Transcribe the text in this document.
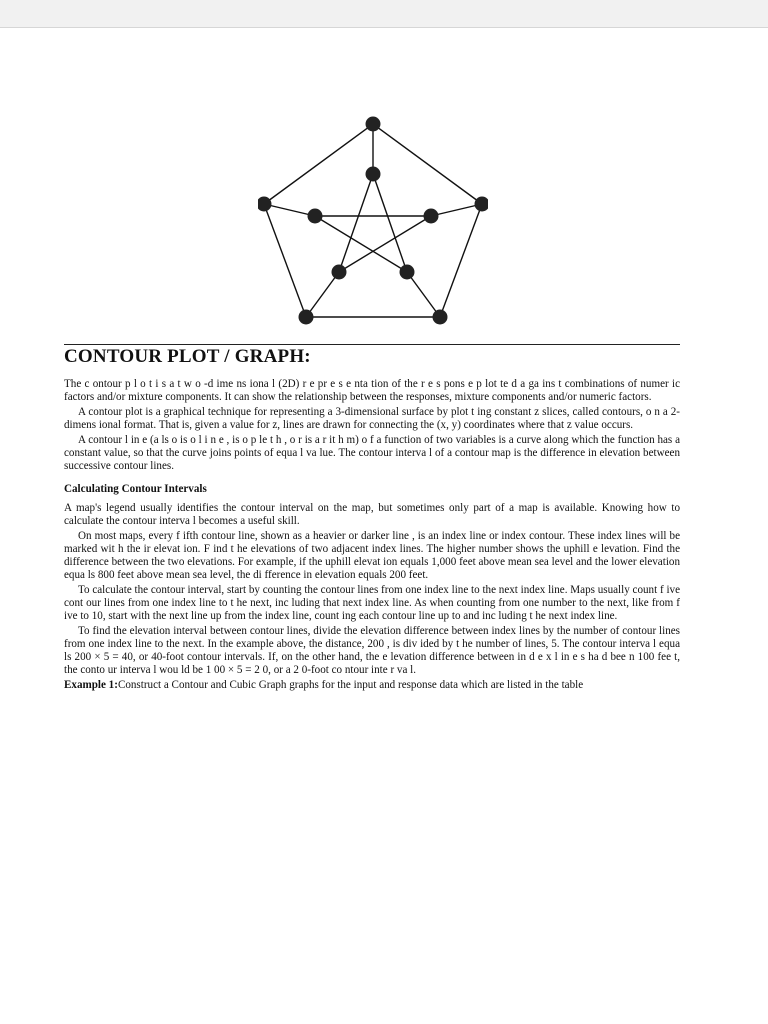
CONTOUR PLOT / GRAPH:

The c ontour p l o t i s a t w o -d ime ns iona l (2D) r e pr e s e nta tion of the r e s pons e p lot te d a ga ins t combinations of numer ic factors and/or mixture components. It can show the relationship between the responses, mixture components and/or numeric factors.

A contour plot is a graphical technique for representing a 3-dimensional surface by plot t ing constant z slices, called contours, o n a 2-dimens ional format. That is, given a value for z, lines are drawn for connecting the (x, y) coordinates where that z value occurs.

A contour l in e (a ls o is o l i n e , is o p le t h , o r is a r it h m) o f a function of two variables is a curve along which the function has a constant value, so that the curve joins points of equa l va lue. The contour interva l of a contour map is the difference in elevation between successive contour lines.

Calculating Contour Intervals

A map's legend usually identifies the contour interval on the map, but sometimes only part of a map is available. Knowing how to calculate the contour interva l becomes a useful skill.

On most maps, every f ifth contour line, shown as a heavier or darker line , is an index line or index contour. These index lines will be marked wit h the ir elevat ion. F ind t he elevations of two adjacent index lines. The higher number shows the uphill e levation. Find the difference between the two elevations. For example, if the uphill elevat ion equals 1,000 feet above mean sea level and the lower elevation equa ls 800 feet above mean sea level, the di fference in elevation equals 200 feet.

To calculate the contour interval, start by counting the contour lines from one index line to the next index line. Maps usually count f ive cont our lines from one index line to t he next, inc luding that next index line. As when counting from one number to the next, like from f ive to 10, start with the next line up from the index line, count ing each contour line up to and inc luding t he next index line.

To find the elevation interval between contour lines, divide the elevation difference between index lines by the number of contour lines from one index line to the next. In the example above, the distance, 200 , is div ided by t he number of lines, 5. The contour interva l equa ls 200 × 5 = 40, or 40-foot contour intervals. If, on the other hand, the e levation difference between in d e x l in e s ha d bee n 100 fee t, the conto ur interva l wou ld be 1 00 × 5 = 2 0, or a 2 0-foot co ntour inte r va l.

Example 1:Construct a Contour and Cubic Graph graphs for the input and response data which are listed in the table
